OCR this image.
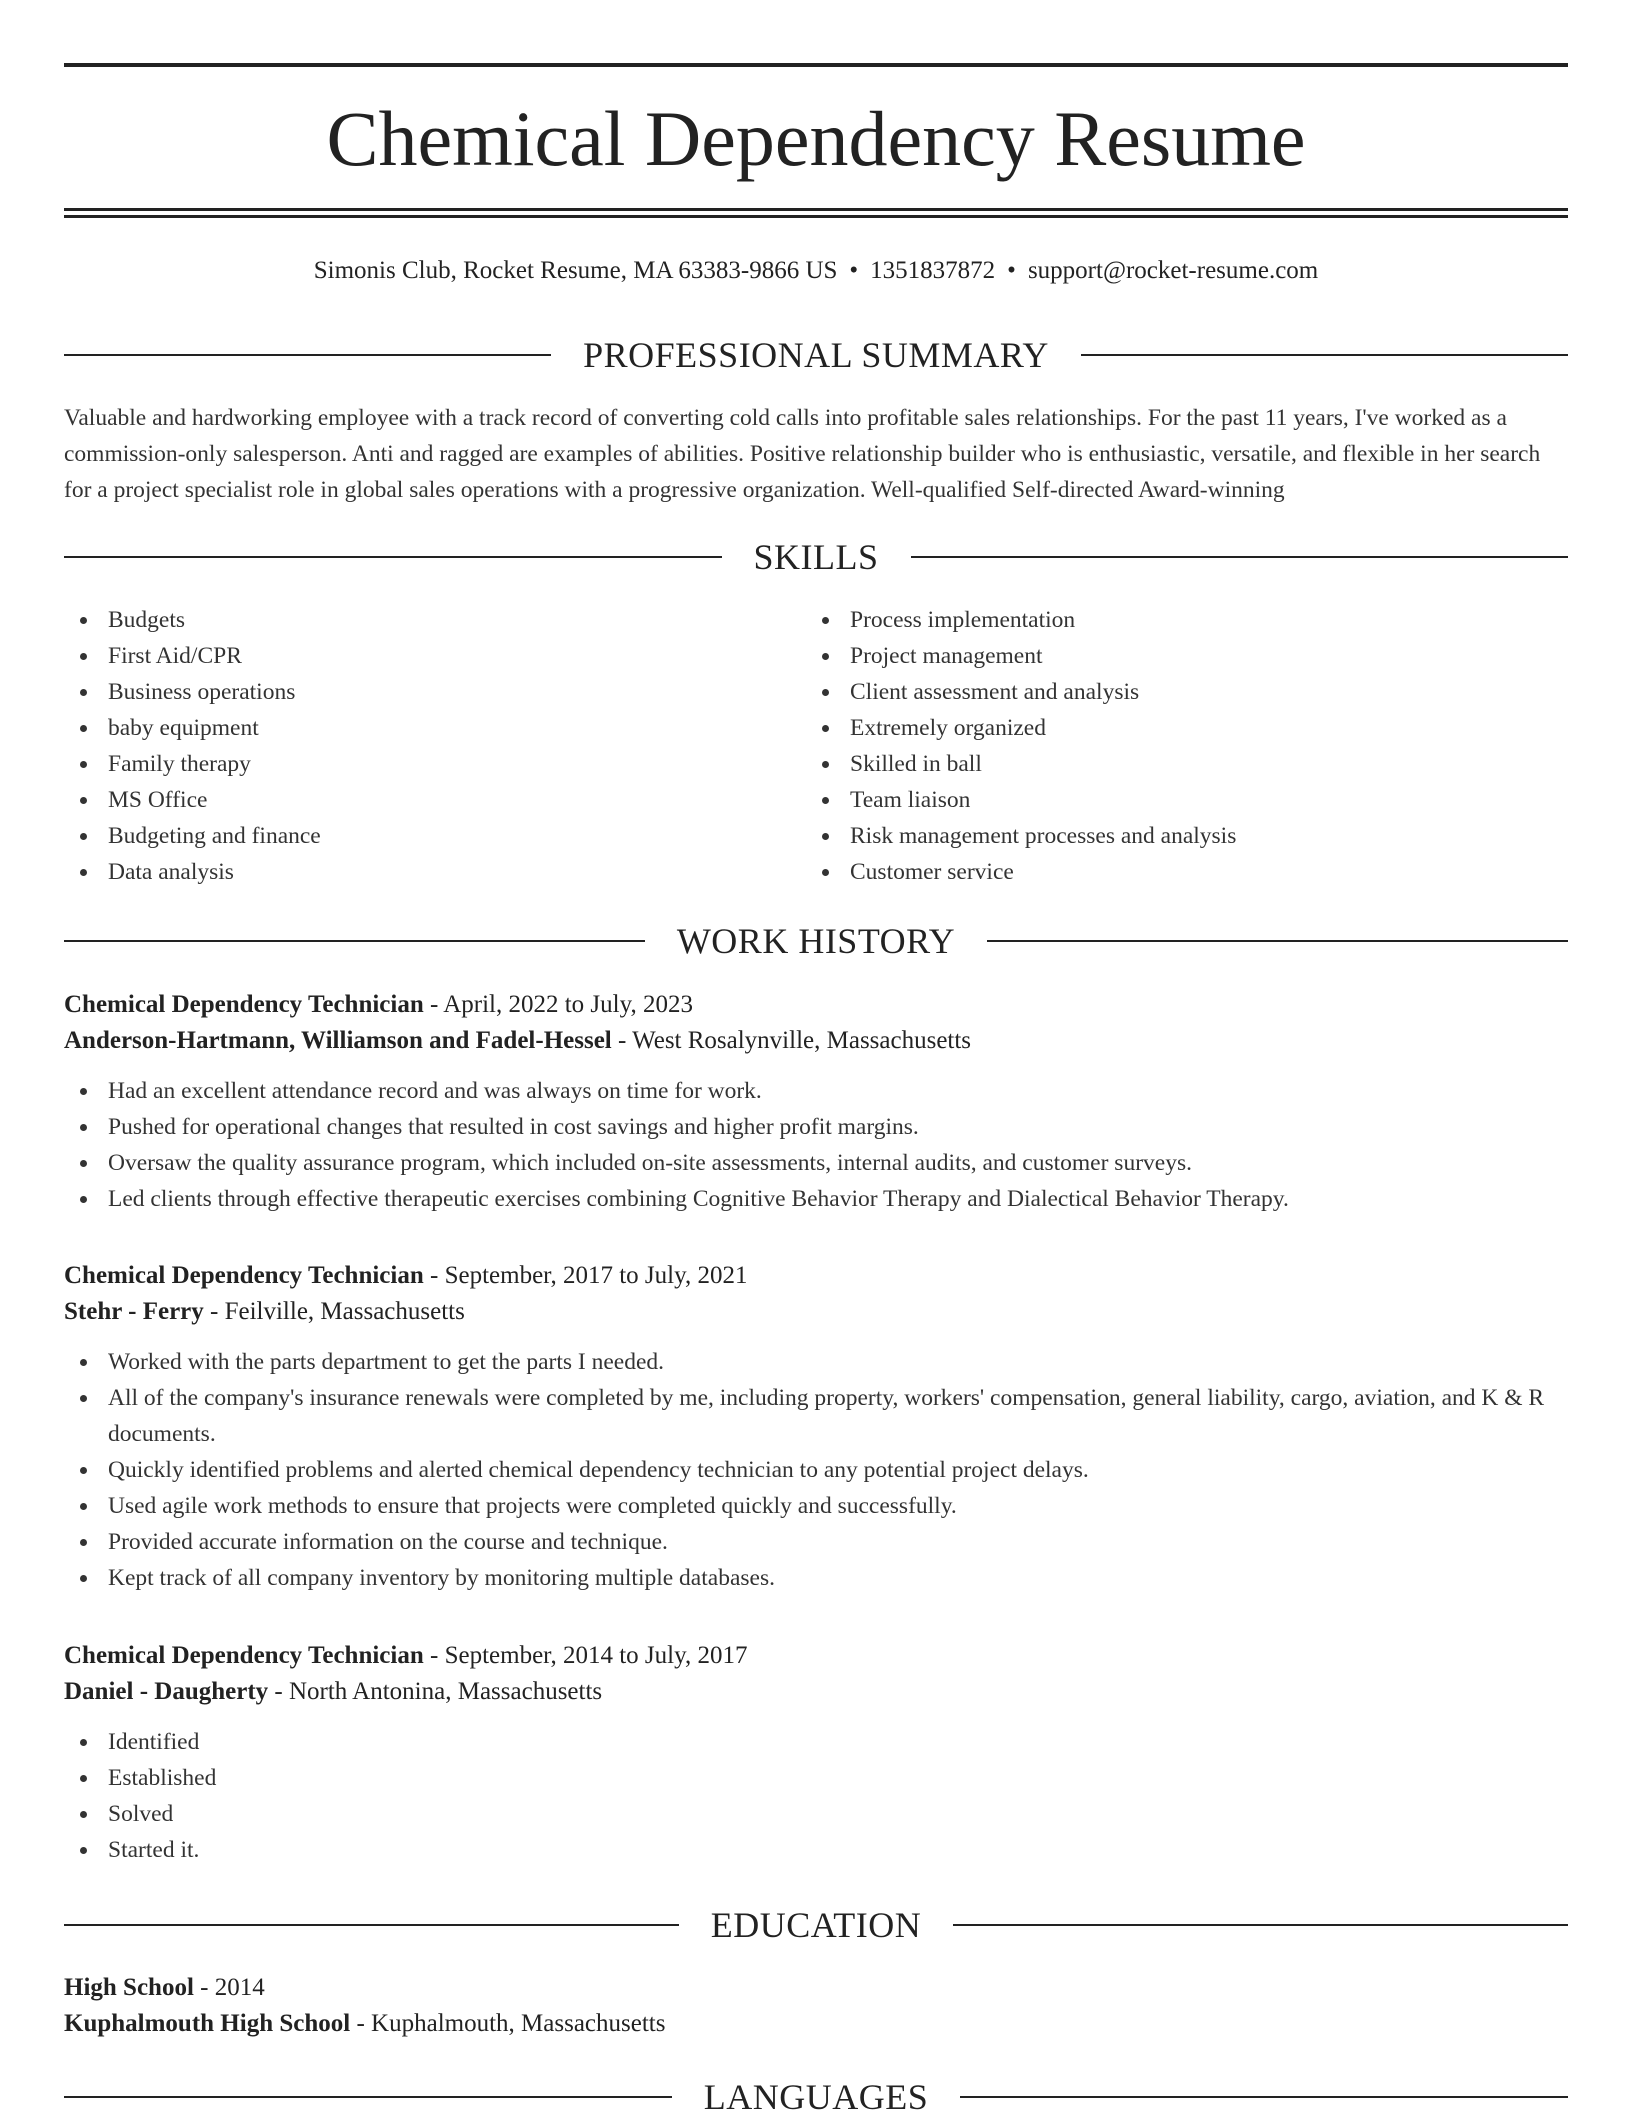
Chemical Dependency Resume
Simonis Club, Rocket Resume, MA 63383-9866 US • 1351837872 • support@rocket-resume.com
PROFESSIONAL SUMMARY

Valuable and hardworking employee with a track record of converting cold calls into profitable sales relationships. For the past 11 years, I've worked as a commission-only salesperson. Anti and ragged are examples of abilities. Positive relationship builder who is enthusiastic, versatile, and flexible in her search for a project specialist role in global sales operations with a progressive organization. Well-qualified Self-directed Award-winning

SKILLS
Budgets
First Aid/CPR
Business operations
baby equipment
Family therapy
MS Office
Budgeting and finance
Data analysis
Process implementation
Project management
Client assessment and analysis
Extremely organized
Skilled in ball
Team liaison
Risk management processes and analysis
Customer service
WORK HISTORY

Chemical Dependency Technician - April, 2022 to July, 2023

Anderson-Hartmann, Williamson and Fadel-Hessel - West Rosalynville, Massachusetts

Had an excellent attendance record and was always on time for work.
Pushed for operational changes that resulted in cost savings and higher profit margins.
Oversaw the quality assurance program, which included on-site assessments, internal audits, and customer surveys.
Led clients through effective therapeutic exercises combining Cognitive Behavior Therapy and Dialectical Behavior Therapy.

Chemical Dependency Technician - September, 2017 to July, 2021

Stehr - Ferry - Feilville, Massachusetts

Worked with the parts department to get the parts I needed.
All of the company's insurance renewals were completed by me, including property, workers' compensation, general liability, cargo, aviation, and K & R documents.
Quickly identified problems and alerted chemical dependency technician to any potential project delays.
Used agile work methods to ensure that projects were completed quickly and successfully.
Provided accurate information on the course and technique.
Kept track of all company inventory by monitoring multiple databases.

Chemical Dependency Technician - September, 2014 to July, 2017

Daniel - Daugherty - North Antonina, Massachusetts

Identified
Established
Solved
Started it.
EDUCATION

High School - 2014

Kuphalmouth High School - Kuphalmouth, Massachusetts

LANGUAGES
